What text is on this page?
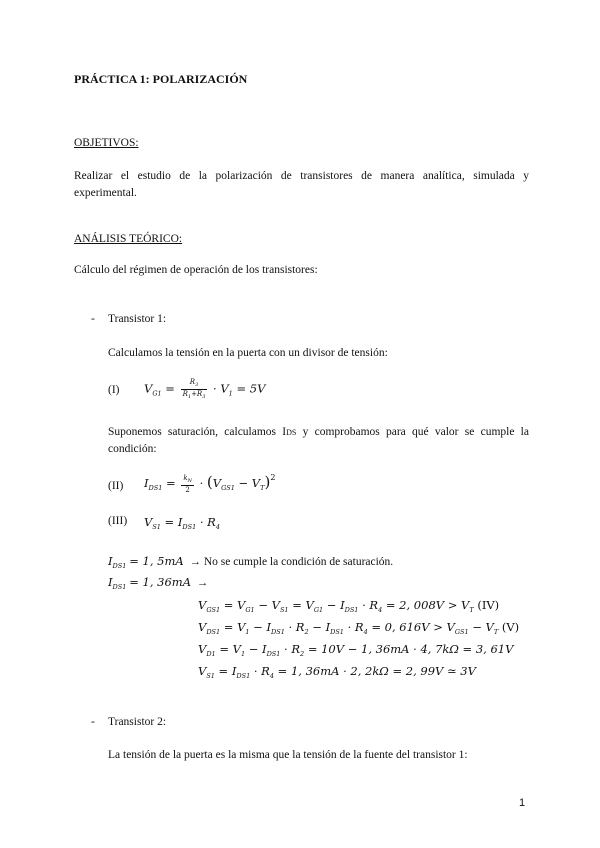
PRÁCTICA 1: POLARIZACIÓN
OBJETIVOS:
Realizar el estudio de la polarización de transistores de manera analítica, simulada y
experimental.
ANÁLISIS TEÓRICO:
Cálculo del régimen de operación de los transistores:
- Transistor 1:
Calculamos la tensión en la puerta con un divisor de tensión:
(I) $V_{G1} = \frac{R_3}{R_1+R_3} \cdot V_1 = 5V$
Suponemos saturación, calculamos IDS y comprobamos para qué valor se cumple la
condición:
(II) $I_{DS1} = \frac{k_N}{2} \cdot (V_{GS1} - V_T)^2$
(III) $V_{S1} = I_{DS1} \cdot R_4$
$I_{DS1} = 1$, 5mA → No se cumple la condición de saturación.
$I_{DS1} = 1$, 36mA →
$V_{GS1} = V_{G1} - V_{S1} = V_{G1} - I_{DS1} \cdot R_4 = 2$, $008V > V_T$ (IV)
$V_{DS1} = V_1 - I_{DS1} \cdot R_2 - I_{DS1} \cdot R_4 = 0$, $616V > V_{GS1} - V_T$ (V)
$V_{D1} = V_1 - I_{DS1} \cdot R_2 = 10V - 1$, 36mA · 4, 7kΩ = 3, 61V
$V_{S1} = I_{DS1} \cdot R_4 = 1$, 36mA · 2, 2kΩ = 2, 99V ≃ 3V
- Transistor 2:
La tensión de la puerta es la misma que la tensión de la fuente del transistor 1:
1
